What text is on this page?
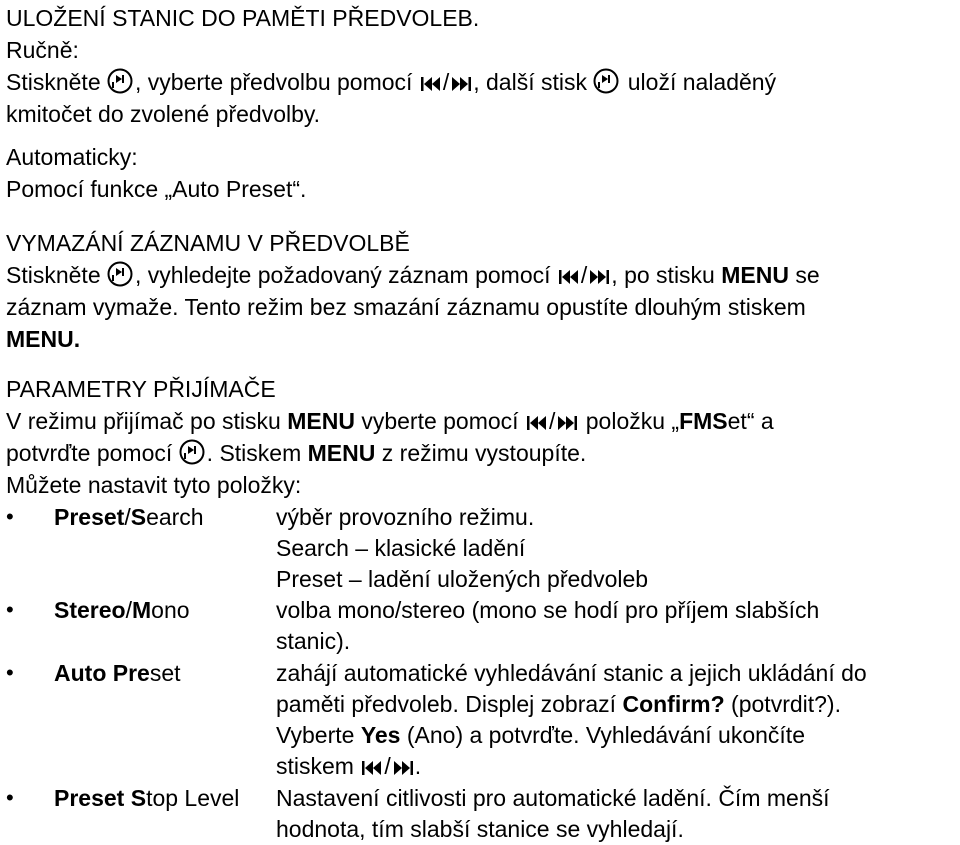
ULOŽENÍ STANIC DO PAMĚTI PŘEDVOLEB.
Ručně:
Stiskněte , vyberte předvolbu pomocí / , další stisk  uloží naladěný
kmitočet do zvolené předvolby.
Automaticky:
Pomocí funkce „Auto Preset“.
VYMAZÁNÍ ZÁZNAMU V PŘEDVOLBĚ
Stiskněte , vyhledejte požadovaný záznam pomocí / , po stisku MENU se
záznam vymaže. Tento režim bez smazání záznamu opustíte dlouhým stiskem
MENU.
PARAMETRY PŘIJÍMAČE
V režimu přijímač po stisku MENU vyberte pomocí / položku „FMSet“ a
potvrďte pomocí . Stiskem MENU z režimu vystoupíte.
Můžete nastavit tyto položky:
• Preset/Search	výběr provozního režimu.
Search – klasické ladění
Preset – ladění uložených předvoleb
• Stereo/Mono	volba mono/stereo (mono se hodí pro příjem slabších
stanic).
• Auto Preset	zahájí automatické vyhledávání stanic a jejich ukládání do
paměti předvoleb. Displej zobrazí Confirm? (potvrdit?).
Vyberte Yes (Ano) a potvrďte. Vyhledávání ukončíte
stiskem / .
• Preset Stop Level Nastavení citlivosti pro automatické ladění. Čím menší
hodnota, tím slabší stanice se vyhledají.
